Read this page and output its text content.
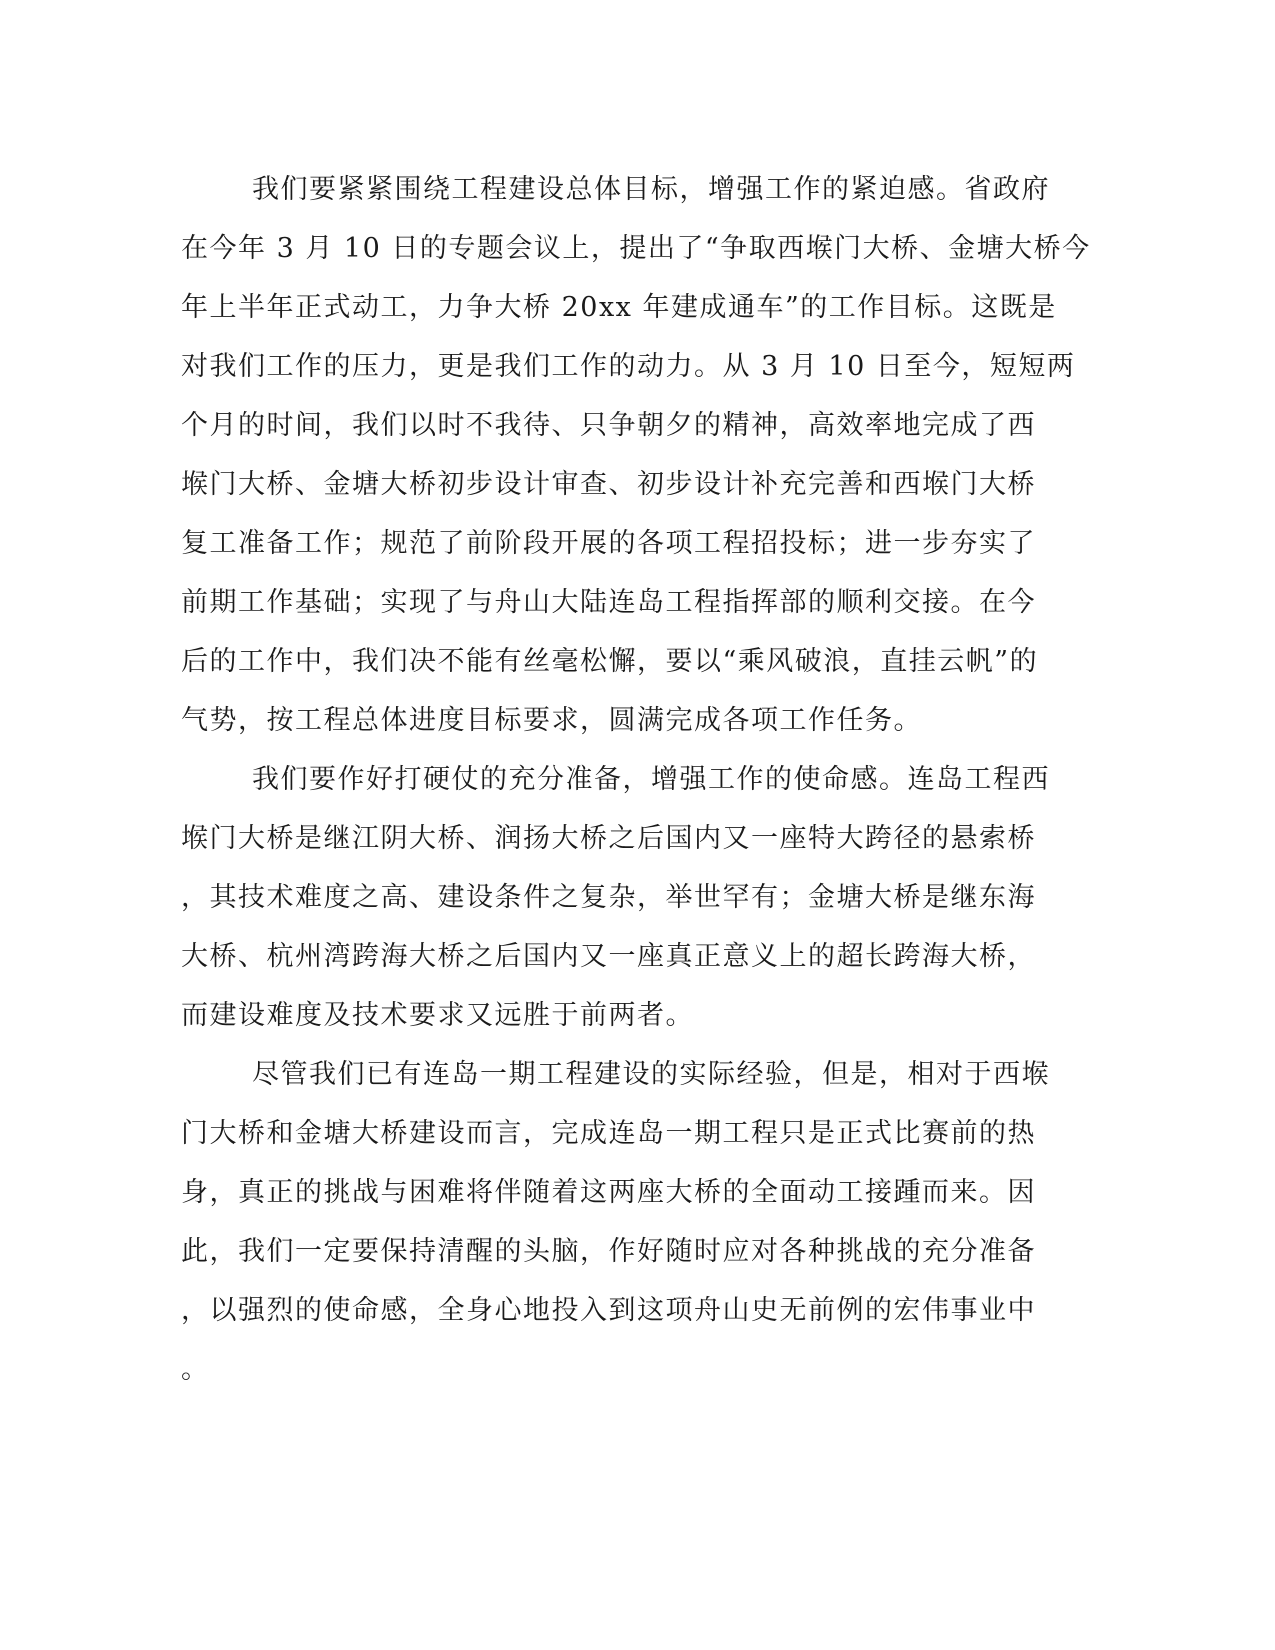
我们要紧紧围绕工程建设总体目标，增强工作的紧迫感。省政府
在今年 3 月 10 日的专题会议上，提出了“争取西堠门大桥、金塘大桥今
年上半年正式动工，力争大桥 20xx 年建成通车”的工作目标。这既是
对我们工作的压力，更是我们工作的动力。从 3 月 10 日至今，短短两
个月的时间，我们以时不我待、只争朝夕的精神，高效率地完成了西
堠门大桥、金塘大桥初步设计审查、初步设计补充完善和西堠门大桥
复工准备工作；规范了前阶段开展的各项工程招投标；进一步夯实了
前期工作基础；实现了与舟山大陆连岛工程指挥部的顺利交接。在今
后的工作中，我们决不能有丝毫松懈，要以“乘风破浪，直挂云帆”的
气势，按工程总体进度目标要求，圆满完成各项工作任务。
我们要作好打硬仗的充分准备，增强工作的使命感。连岛工程西
堠门大桥是继江阴大桥、润扬大桥之后国内又一座特大跨径的悬索桥
，其技术难度之高、建设条件之复杂，举世罕有；金塘大桥是继东海
大桥、杭州湾跨海大桥之后国内又一座真正意义上的超长跨海大桥，
而建设难度及技术要求又远胜于前两者。
尽管我们已有连岛一期工程建设的实际经验，但是，相对于西堠
门大桥和金塘大桥建设而言，完成连岛一期工程只是正式比赛前的热
身，真正的挑战与困难将伴随着这两座大桥的全面动工接踵而来。因
此，我们一定要保持清醒的头脑，作好随时应对各种挑战的充分准备
，以强烈的使命感，全身心地投入到这项舟山史无前例的宏伟事业中
。
